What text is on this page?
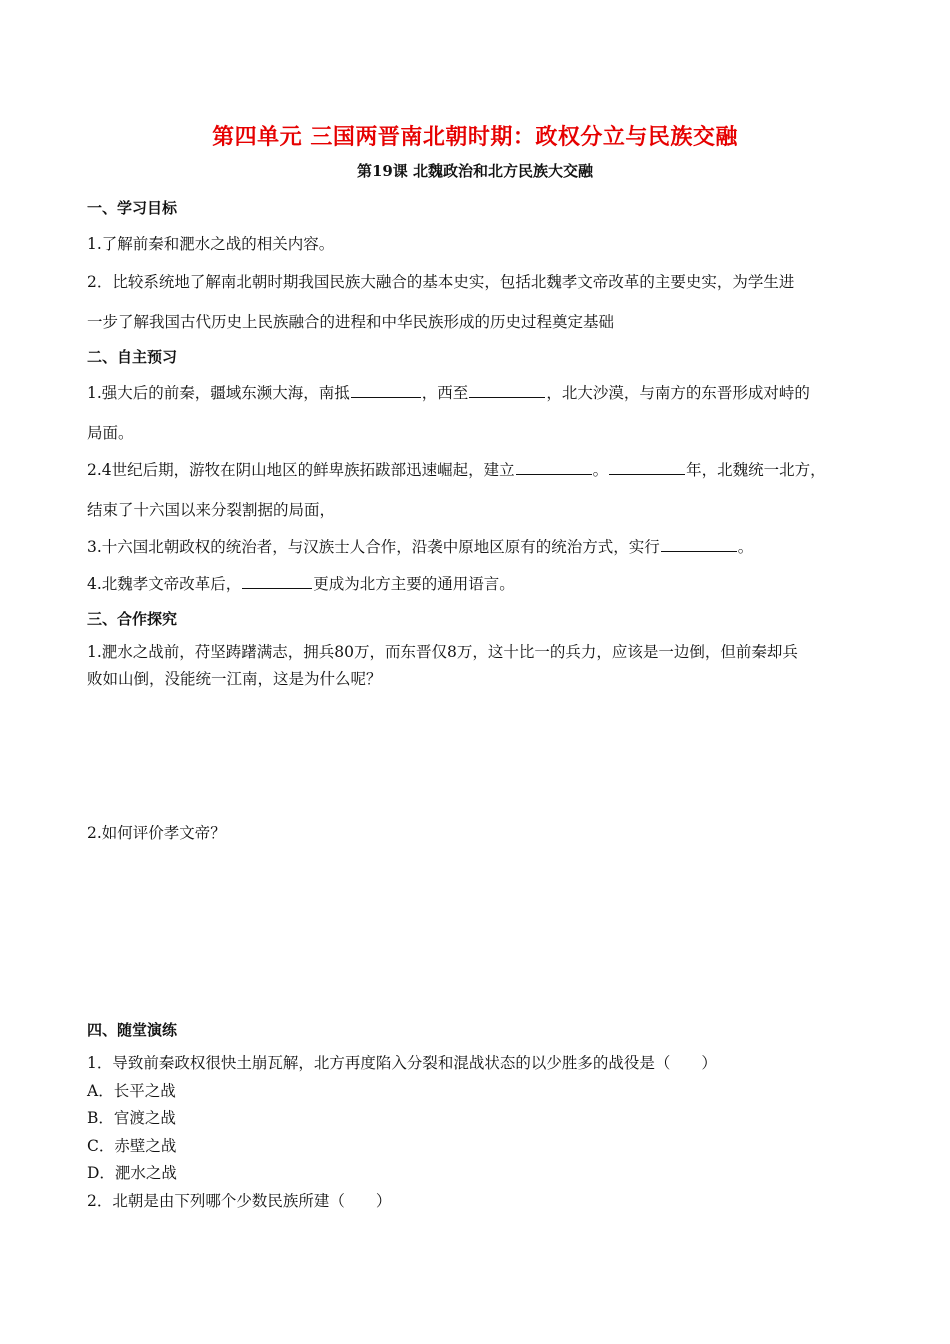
第四单元 三国两晋南北朝时期：政权分立与民族交融
第19课 北魏政治和北方民族大交融
一、学习目标
1.了解前秦和淝水之战的相关内容。
2．比较系统地了解南北朝时期我国民族大融合的基本史实，包括北魏孝文帝改革的主要史实，为学生进
一步了解我国古代历史上民族融合的进程和中华民族形成的历史过程奠定基础
二、自主预习
1.强大后的前秦，疆域东濒大海，南抵	，西至	，北大沙漠，与南方的东晋形成对峙的
局面。
2.4世纪后期，游牧在阴山地区的鲜卑族拓跋部迅速崛起，建立	。	年，北魏统一北方，
结束了十六国以来分裂割据的局面，
3.十六国北朝政权的统治者，与汉族士人合作，沿袭中原地区原有的统治方式，实行	。
4.北魏孝文帝改革后，	更成为北方主要的通用语言。
三、合作探究
1.淝水之战前，苻坚踌躇满志，拥兵80万，而东晋仅8万，这十比一的兵力，应该是一边倒，但前秦却兵
败如山倒，没能统一江南，这是为什么呢？
2.如何评价孝文帝？
四、随堂演练
1．导致前秦政权很快土崩瓦解，北方再度陷入分裂和混战状态的以少胜多的战役是（　　）
A．长平之战
B．官渡之战
C．赤壁之战
D．淝水之战
2．北朝是由下列哪个少数民族所建（　　）
